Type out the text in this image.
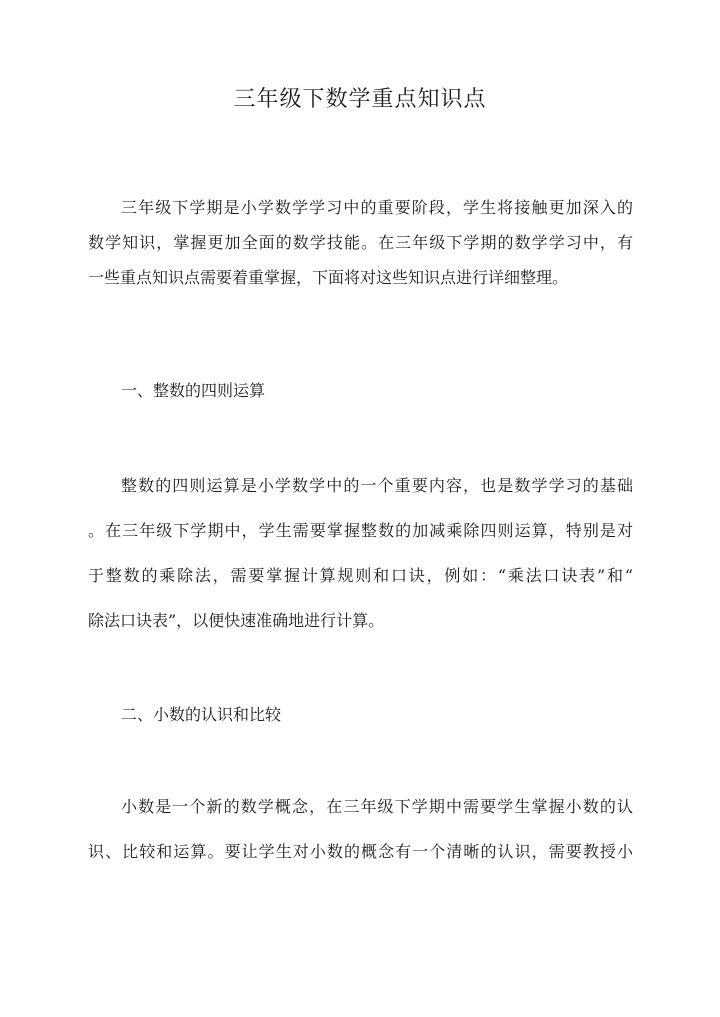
三年级下数学重点知识点
三年级下学期是小学数学学习中的重要阶段，学生将接触更加深入的
数学知识，掌握更加全面的数学技能。在三年级下学期的数学学习中，有
一些重点知识点需要着重掌握，下面将对这些知识点进行详细整理。
一、整数的四则运算
整数的四则运算是小学数学中的一个重要内容，也是数学学习的基础
。在三年级下学期中，学生需要掌握整数的加减乘除四则运算，特别是对
于整数的乘除法，需要掌握计算规则和口诀，例如：“乘法口诀表”和“
除法口诀表”，以便快速准确地进行计算。
二、小数的认识和比较
小数是一个新的数学概念，在三年级下学期中需要学生掌握小数的认
识、比较和运算。要让学生对小数的概念有一个清晰的认识，需要教授小
